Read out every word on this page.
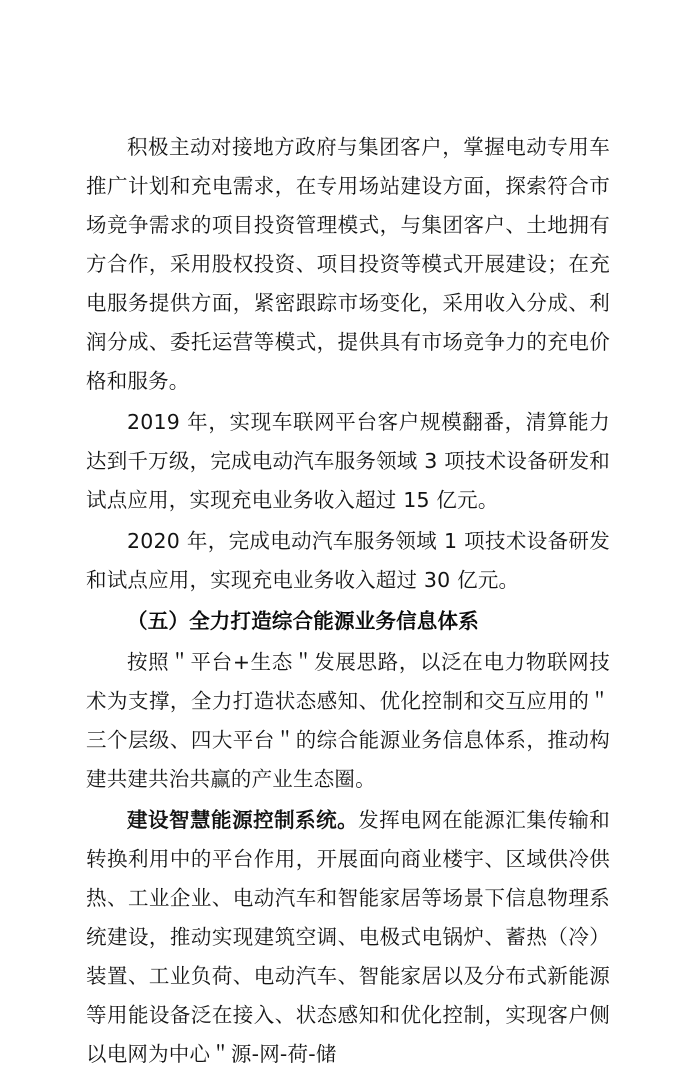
积极主动对接地方政府与集团客户，掌握电动专用车推广计划和充电需求，在专用场站建设方面，探索符合市场竞争需求的项目投资管理模式，与集团客户、土地拥有方合作，采用股权投资、项目投资等模式开展建设；在充电服务提供方面，紧密跟踪市场变化，采用收入分成、利润分成、委托运营等模式，提供具有市场竞争力的充电价格和服务。

2019 年，实现车联网平台客户规模翻番，清算能力达到千万级，完成电动汽车服务领域 3 项技术设备研发和试点应用，实现充电业务收入超过 15 亿元。

2020 年，完成电动汽车服务领域 1 项技术设备研发和试点应用，实现充电业务收入超过 30 亿元。

（五）全力打造综合能源业务信息体系

按照＂平台+生态＂发展思路，以泛在电力物联网技术为支撑，全力打造状态感知、优化控制和交互应用的＂三个层级、四大平台＂的综合能源业务信息体系，推动构建共建共治共赢的产业生态圈。

建设智慧能源控制系统。发挥电网在能源汇集传输和转换利用中的平台作用，开展面向商业楼宇、区域供冷供热、工业企业、电动汽车和智能家居等场景下信息物理系统建设，推动实现建筑空调、电极式电锅炉、蓄热（冷）装置、工业负荷、电动汽车、智能家居以及分布式新能源等用能设备泛在接入、状态感知和优化控制，实现客户侧以电网为中心＂源-网-荷-储
